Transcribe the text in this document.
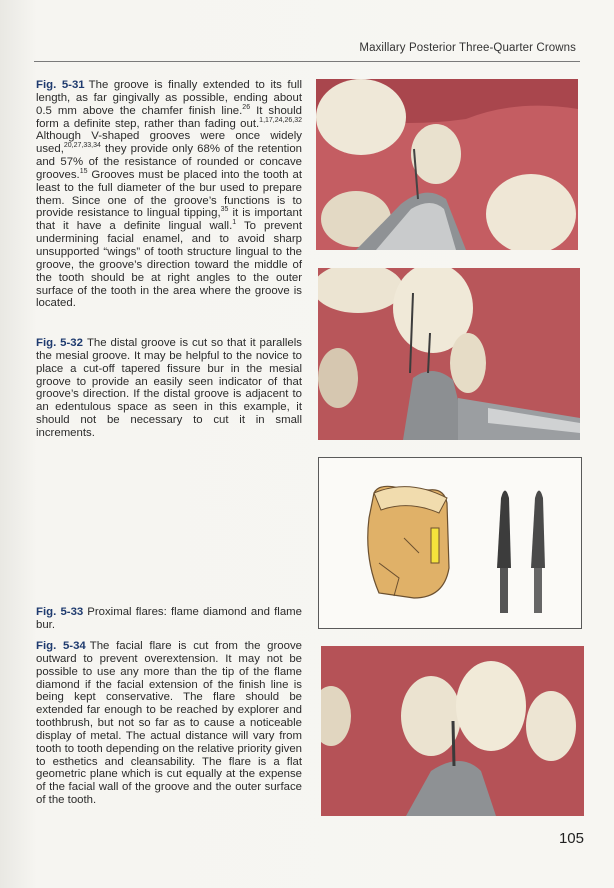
Maxillary Posterior Three-Quarter Crowns

Fig. 5-31 The groove is finally extended to its full length, as far gingivally as possible, ending about 0.5 mm above the chamfer finish line.$^{26}$ It should form a definite step, rather than fading out.$^{1,17,24,26,32}$ Although V-shaped grooves were once widely used,$^{20,27,33,34}$ they provide only 68% of the retention and 57% of the resistance of rounded or concave grooves.$^{15}$ Grooves must be placed into the tooth at least to the full diameter of the bur used to prepare them. Since one of the groove’s functions is to provide resistance to lingual tipping,$^{35}$ it is important that it have a definite lingual wall.$^1$ To prevent undermining facial enamel, and to avoid sharp unsupported “wings” of tooth structure lingual to the groove, the groove’s direction toward the middle of the tooth should be at right angles to the outer surface of the tooth in the area where the groove is located.

Fig. 5-32 The distal groove is cut so that it parallels the mesial groove. It may be helpful to the novice to place a cut-off tapered fissure bur in the mesial groove to provide an easily seen indicator of that groove’s direction. If the distal groove is adjacent to an edentulous space as seen in this example, it should not be necessary to cut it in small increments.

Fig. 5-33 Proximal flares: flame diamond and flame bur.

Fig. 5-34 The facial flare is cut from the groove outward to prevent overextension. It may not be possible to use any more than the tip of the flame diamond if the facial extension of the finish line is being kept conservative. The flare should be extended far enough to be reached by explorer and toothbrush, but not so far as to cause a noticeable display of metal. The actual distance will vary from tooth to tooth depending on the relative priority given to esthetics and cleansability. The flare is a flat geometric plane which is cut equally at the expense of the facial wall of the groove and the outer surface of the tooth.

105
